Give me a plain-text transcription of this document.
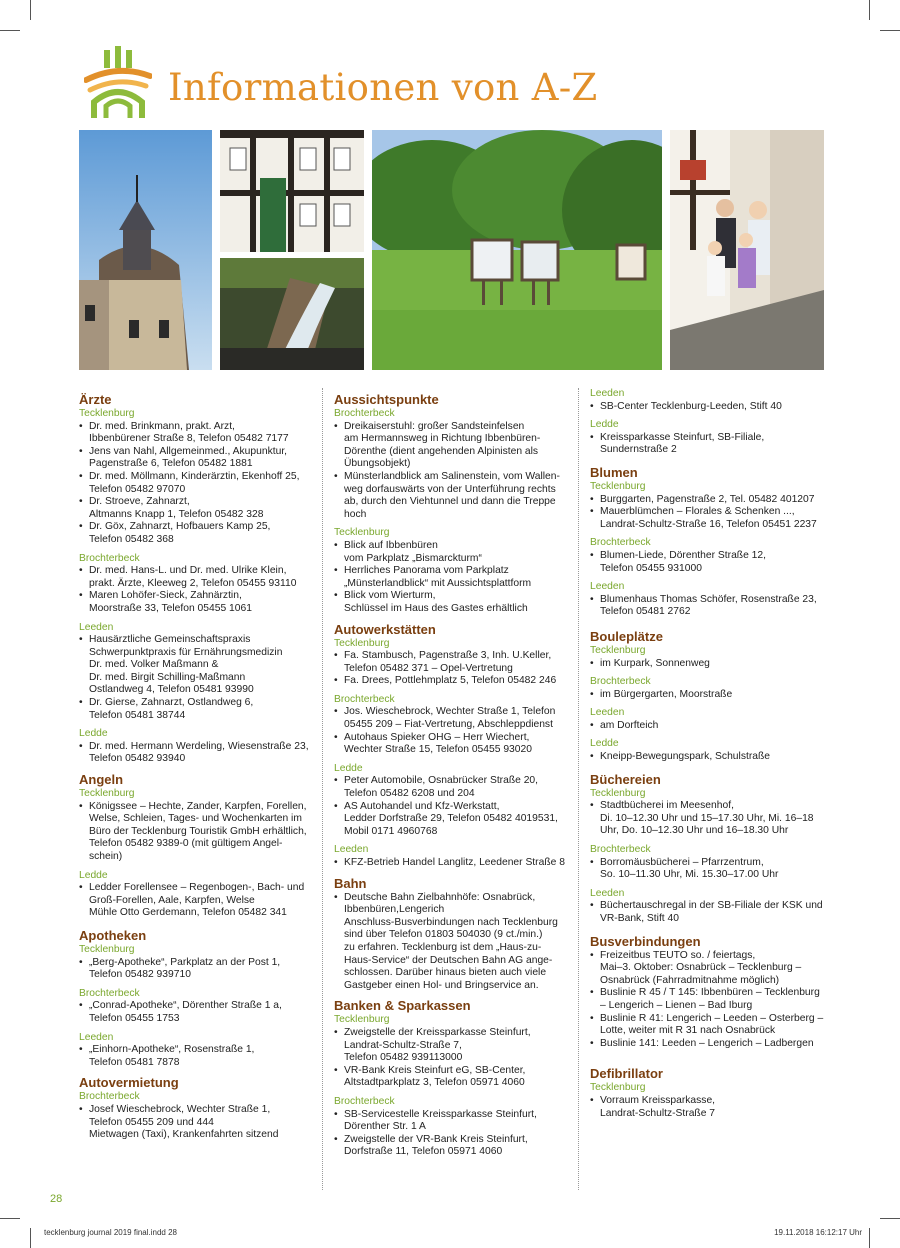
Informationen von A-Z
Ärzte
Tecklenburg
• Dr. med. Brinkmann, prakt. Arzt,
Ibbenbürener Straße 8, Telefon 05482 7177
• Jens van Nahl, Allgemeinmed., Akupunktur,
Pagenstraße 6, Telefon 05482 1881
• Dr. med. Möllmann, Kinderärztin, Ekenhoff 25,
Telefon 05482 97070
• Dr. Stroeve, Zahnarzt,
Altmanns Knapp 1, Telefon 05482 328
• Dr. Göx, Zahnarzt, Hofbauers Kamp 25,
Telefon 05482 368
Brochterbeck
• Dr. med. Hans-L. und Dr. med. Ulrike Klein,
prakt. Ärzte, Kleeweg 2, Telefon 05455 93110
• Maren Lohöfer-Sieck, Zahnärztin,
Moorstraße 33, Telefon 05455 1061
Leeden
• Hausärztliche Gemeinschaftspraxis
Schwerpunktpraxis für Ernährungsmedizin
Dr. med. Volker Maßmann &
Dr. med. Birgit Schilling-Maßmann
Ostlandweg 4, Telefon 05481 93990
• Dr. Gierse, Zahnarzt, Ostlandweg 6,
Telefon 05481 38744
Ledde
• Dr. med. Hermann Werdeling, Wiesenstraße 23,
Telefon 05482 93940
Angeln
Tecklenburg
• Königssee – Hechte, Zander, Karpfen, Forellen,
Welse, Schleien, Tages- und Wochenkarten im
Büro der Tecklenburg Touristik GmbH erhältlich,
Telefon 05482 9389-0 (mit gültigem Angel-
schein)
Ledde
• Ledder Forellensee – Regenbogen-, Bach- und
Groß-Forellen, Aale, Karpfen, Welse
Mühle Otto Gerdemann, Telefon 05482 341
Apotheken
Tecklenburg
• „Berg-Apotheke“, Parkplatz an der Post 1,
Telefon 05482 939710
Brochterbeck
• „Conrad-Apotheke“, Dörenther Straße 1 a,
Telefon 05455 1753
Leeden
• „Einhorn-Apotheke“, Rosenstraße 1,
Telefon 05481 7878
Autovermietung
Brochterbeck
• Josef Wieschebrock, Wechter Straße 1,
Telefon 05455 209 und 444
Mietwagen (Taxi), Krankenfahrten sitzend
Aussichtspunkte
Brochterbeck
• Dreikaiserstuhl: großer Sandsteinfelsen
am Hermannsweg in Richtung Ibbenbüren-
Dörenthe (dient angehenden Alpinisten als
Übungsobjekt)
• Münsterlandblick am Salinenstein, vom Wallen-
weg dorfauswärts von der Unterführung rechts
ab, durch den Viehtunnel und dann die Treppe
hoch
Tecklenburg
• Blick auf Ibbenbüren
vom Parkplatz „Bismarckturm“
• Herrliches Panorama vom Parkplatz
„Münsterlandblick“ mit Aussichtsplattform
• Blick vom Wierturm,
Schlüssel im Haus des Gastes erhältlich
Autowerkstätten
Tecklenburg
• Fa. Stambusch, Pagenstraße 3, Inh. U.Keller,
Telefon 05482 371 – Opel-Vertretung
• Fa. Drees, Pottlehmplatz 5, Telefon 05482 246
Brochterbeck
• Jos. Wieschebrock, Wechter Straße 1, Telefon
05455 209 – Fiat-Vertretung, Abschleppdienst
• Autohaus Spieker OHG – Herr Wiechert,
Wechter Straße 15, Telefon 05455 93020
Ledde
• Peter Automobile, Osnabrücker Straße 20,
Telefon 05482 6208 und 204
• AS Autohandel und Kfz-Werkstatt,
Ledder Dorfstraße 29, Telefon 05482 4019531,
Mobil 0171 4960768
Leeden
• KFZ-Betrieb Handel Langlitz, Leedener Straße 8
Bahn
• Deutsche Bahn Zielbahnhöfe: Osnabrück,
Ibbenbüren,Lengerich
Anschluss-Busverbindungen nach Tecklenburg
sind über Telefon 01803 504030 (9 ct./min.)
zu erfahren. Tecklenburg ist dem „Haus-zu-
Haus-Service“ der Deutschen Bahn AG ange-
schlossen. Darüber hinaus bieten auch viele
Gastgeber einen Hol- und Bringservice an.
Banken & Sparkassen
Tecklenburg
• Zweigstelle der Kreissparkasse Steinfurt,
Landrat-Schultz-Straße 7,
Telefon 05482 939113000
• VR-Bank Kreis Steinfurt eG, SB-Center,
Altstadtparkplatz 3, Telefon 05971 4060
Brochterbeck
• SB-Servicestelle Kreissparkasse Steinfurt,
Dörenther Str. 1 A
• Zweigstelle der VR-Bank Kreis Steinfurt,
Dorfstraße 11, Telefon 05971 4060
Leeden
• SB-Center Tecklenburg-Leeden, Stift 40
Ledde
• Kreissparkasse Steinfurt, SB-Filiale,
Sundernstraße 2
Blumen
Tecklenburg
• Burggarten, Pagenstraße 2, Tel. 05482 401207
• Mauerblümchen – Florales & Schenken ...,
Landrat-Schultz-Straße 16, Telefon 05451 2237
Brochterbeck
• Blumen-Liede, Dörenther Straße 12,
Telefon 05455 931000
Leeden
• Blumenhaus Thomas Schöfer, Rosenstraße 23,
Telefon 05481 2762
Bouleplätze
Tecklenburg
• im Kurpark, Sonnenweg
Brochterbeck
• im Bürgergarten, Moorstraße
Leeden
• am Dorfteich
Ledde
• Kneipp-Bewegungspark, Schulstraße
Büchereien
Tecklenburg
• Stadtbücherei im Meesenhof,
Di. 10–12.30 Uhr und 15–17.30 Uhr, Mi. 16–18
Uhr, Do. 10–12.30 Uhr und 16–18.30 Uhr
Brochterbeck
• Borromäusbücherei – Pfarrzentrum,
So. 10–11.30 Uhr, Mi. 15.30–17.00 Uhr
Leeden
• Büchertauschregal in der SB-Filiale der KSK und
VR-Bank, Stift 40
Busverbindungen
• Freizeitbus TEUTO so. / feiertags,
Mai–3. Oktober: Osnabrück – Tecklenburg –
Osnabrück (Fahrradmitnahme möglich)
• Buslinie R 45 / T 145: Ibbenbüren – Tecklenburg
– Lengerich – Lienen – Bad Iburg
• Buslinie R 41: Lengerich – Leeden – Osterberg –
Lotte, weiter mit R 31 nach Osnabrück
• Buslinie 141: Leeden – Lengerich – Ladbergen
Defibrillator
Tecklenburg
• Vorraum Kreissparkasse,
Landrat-Schultz-Straße 7
28
tecklenburg journal 2019 final.indd 28	19.11.2018 16:12:17 Uhr
